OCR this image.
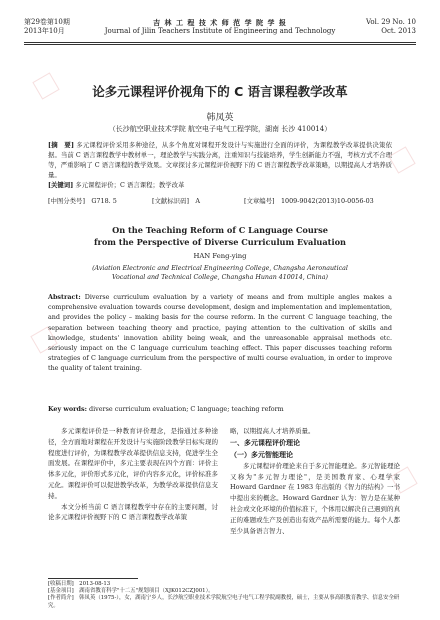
第29卷第10期
2013年10月
吉 林 工 程 技 术 师 范 学 院 学 报
Journal of Jilin Teachers Institute of Engineering and Technology
Vol. 29 No. 10
Oct. 2013
论多元课程评价视角下的 C 语言课程教学改革
韩凤英
（长沙航空职业技术学院 航空电子电气工程学院，湖南 长沙 410014）
[摘　要] 多元课程评价采用多种途径，从多个角度对课程开发设计与实施进行全面的评价，为课程教学改革提供决策依据。当前 C 语言课程教学中教材单一，理论教学与实践分离，注重知识与技能培养，学生创新能力不强，考核方式不合理等，严重影响了 C 语言课程的教学效果。文章探讨多元课程评价视野下的 C 语言课程教学改革策略，以期提高人才培养质量。
[关键词] 多元课程评价；C 语言课程；教学改革
[中图分类号]　G718. 5	[文献标识码]　A	[文章编号]　1009-9042(2013)10-0056-03
On the Teaching Reform of C Language Course
from the Perspective of Diverse Curriculum Evaluation
HAN Feng-ying
(Aviation Electronic and Electrical Engineering College, Changsha Aeronautical
Vocational and Technical College, Changsha Hunan 410014, China)
Abstract: Diverse curriculum evaluation by a variety of means and from multiple angles makes a comprehensive evaluation towards course development, design and implementation and implementation, and provides the policy – making basis for the course reform. In the current C language teaching, the separation between teaching theory and practice, paying attention to the cultivation of skills and knowledge, students' innovation ability being weak, and the unreasonable appraisal methods etc. seriously impact on the C language curriculum teaching effect. This paper discusses teaching reform strategies of C language curriculum from the perspective of multi course evaluation, in order to improve the quality of talent training.
Key words: diverse curriculum evaluation; C language; teaching reform

多元课程评价是一种教育评价理念，是指通过多种途径，全方面地对课程在开发设计与实施阶段教学目标实现的程度进行评价，为课程教学改革提供信息支持，促进学生全面发展。在课程评价中，多元主要表现在四个方面：评价主体多元化，评价形式多元化，评价内容多元化，评价标准多元化。课程评价可以促进教学改革，为教学改革提供信息支持。

本文分析当前 C 语言课程教学中存在的主要问题，讨论多元课程评价视野下的 C 语言课程教学改革策

略，以期提高人才培养质量。

一、多元课程评价理论
（一）多元智能理论

多元课程评价理论来自于多元智能理论。多元智能理论又称为"多元智力理论"，是美国教育家、心理学家 Howard Gardner 在 1983 年出版的《智力的结构》一书中提出来的概念。Howard Gardner 认为：智力是在某种社会或文化环境的价值标准下，个体用以解决自己遇到的真正的难题或生产及创造出有效产品所需要的能力。每个人都至少具备语言智力、

[收稿日期]　2013-08-13
[基金项目]　湖南省教育科学"十二五"规划项目（XJK012CZJ001）。
[作者简介]　韩凤英（1975-），女，湖南宁乡人，长沙航空职业技术学院航空电子电气工程学院副教授，硕士，主要从事高职教育教学、信息安全研究。
